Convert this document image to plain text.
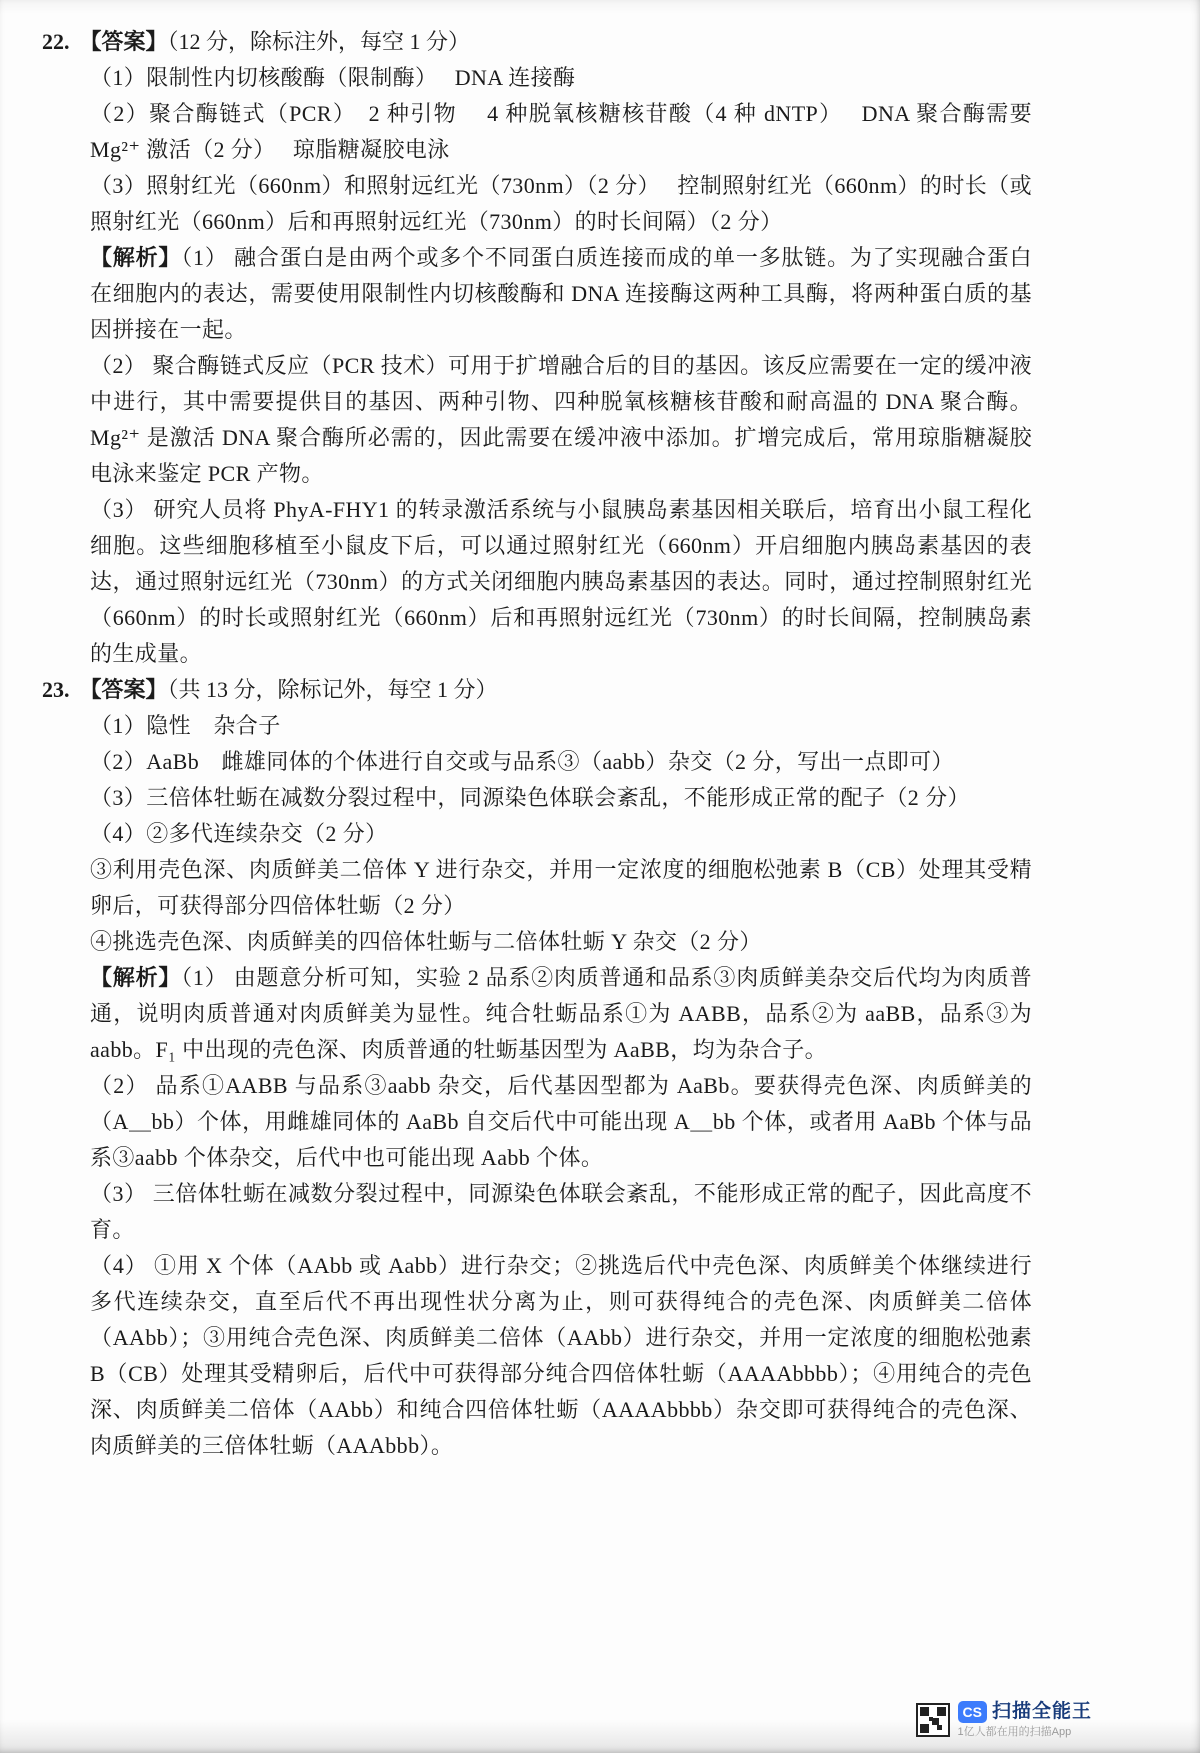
22. 【答案】（12 分，除标注外，每空 1 分）

（1）限制性内切核酸酶（限制酶）　 DNA 连接酶

（2）聚合酶链式（PCR）　2 种引物　 4 种脱氧核糖核苷酸（4 种 dNTP）　 DNA 聚合酶需要 Mg²⁺ 激活（2 分）　 琼脂糖凝胶电泳

（3）照射红光（660nm）和照射远红光（730nm）（2 分）　 控制照射红光（660nm）的时长（或照射红光（660nm）后和再照射远红光（730nm）的时长间隔）（2 分）

【解析】（1） 融合蛋白是由两个或多个不同蛋白质连接而成的单一多肽链。为了实现融合蛋白在细胞内的表达，需要使用限制性内切核酸酶和 DNA 连接酶这两种工具酶，将两种蛋白质的基因拼接在一起。

（2） 聚合酶链式反应（PCR 技术）可用于扩增融合后的目的基因。该反应需要在一定的缓冲液中进行，其中需要提供目的基因、两种引物、四种脱氧核糖核苷酸和耐高温的 DNA 聚合酶。Mg²⁺ 是激活 DNA 聚合酶所必需的，因此需要在缓冲液中添加。扩增完成后，常用琼脂糖凝胶电泳来鉴定 PCR 产物。

（3） 研究人员将 PhyA-FHY1 的转录激活系统与小鼠胰岛素基因相关联后，培育出小鼠工程化细胞。这些细胞移植至小鼠皮下后，可以通过照射红光（660nm）开启细胞内胰岛素基因的表达，通过照射远红光（730nm）的方式关闭细胞内胰岛素基因的表达。同时，通过控制照射红光（660nm）的时长或照射红光（660nm）后和再照射远红光（730nm）的时长间隔，控制胰岛素的生成量。

23. 【答案】（共 13 分，除标记外，每空 1 分）

（1）隐性　杂合子

（2）AaBb　雌雄同体的个体进行自交或与品系③（aabb）杂交（2 分，写出一点即可）

（3）三倍体牡蛎在减数分裂过程中，同源染色体联会紊乱，不能形成正常的配子（2 分）

（4）②多代连续杂交（2 分）

③利用壳色深、肉质鲜美二倍体 Y 进行杂交，并用一定浓度的细胞松弛素 B（CB）处理其受精卵后，可获得部分四倍体牡蛎（2 分）

④挑选壳色深、肉质鲜美的四倍体牡蛎与二倍体牡蛎 Y 杂交（2 分）

【解析】（1） 由题意分析可知，实验 2 品系②肉质普通和品系③肉质鲜美杂交后代均为肉质普通，说明肉质普通对肉质鲜美为显性。纯合牡蛎品系①为 AABB，品系②为 aaBB，品系③为 aabb。F₁ 中出现的壳色深、肉质普通的牡蛎基因型为 AaBB，均为杂合子。

（2） 品系①AABB 与品系③aabb 杂交，后代基因型都为 AaBb。要获得壳色深、肉质鲜美的（A＿bb）个体，用雌雄同体的 AaBb 自交后代中可能出现 A＿bb 个体，或者用 AaBb 个体与品系③aabb 个体杂交，后代中也可能出现 Aabb 个体。

（3） 三倍体牡蛎在减数分裂过程中，同源染色体联会紊乱，不能形成正常的配子，因此高度不育。

（4） ①用 X 个体（AAbb 或 Aabb）进行杂交；②挑选后代中壳色深、肉质鲜美个体继续进行多代连续杂交，直至后代不再出现性状分离为止，则可获得纯合的壳色深、肉质鲜美二倍体（AAbb）；③用纯合壳色深、肉质鲜美二倍体（AAbb）进行杂交，并用一定浓度的细胞松弛素 B（CB）处理其受精卵后，后代中可获得部分纯合四倍体牡蛎（AAAAbbbb）；④用纯合的壳色深、肉质鲜美二倍体（AAbb）和纯合四倍体牡蛎（AAAAbbbb）杂交即可获得纯合的壳色深、肉质鲜美的三倍体牡蛎（AAAbbb）。

CS 扫描全能王
1亿人都在用的扫描App
